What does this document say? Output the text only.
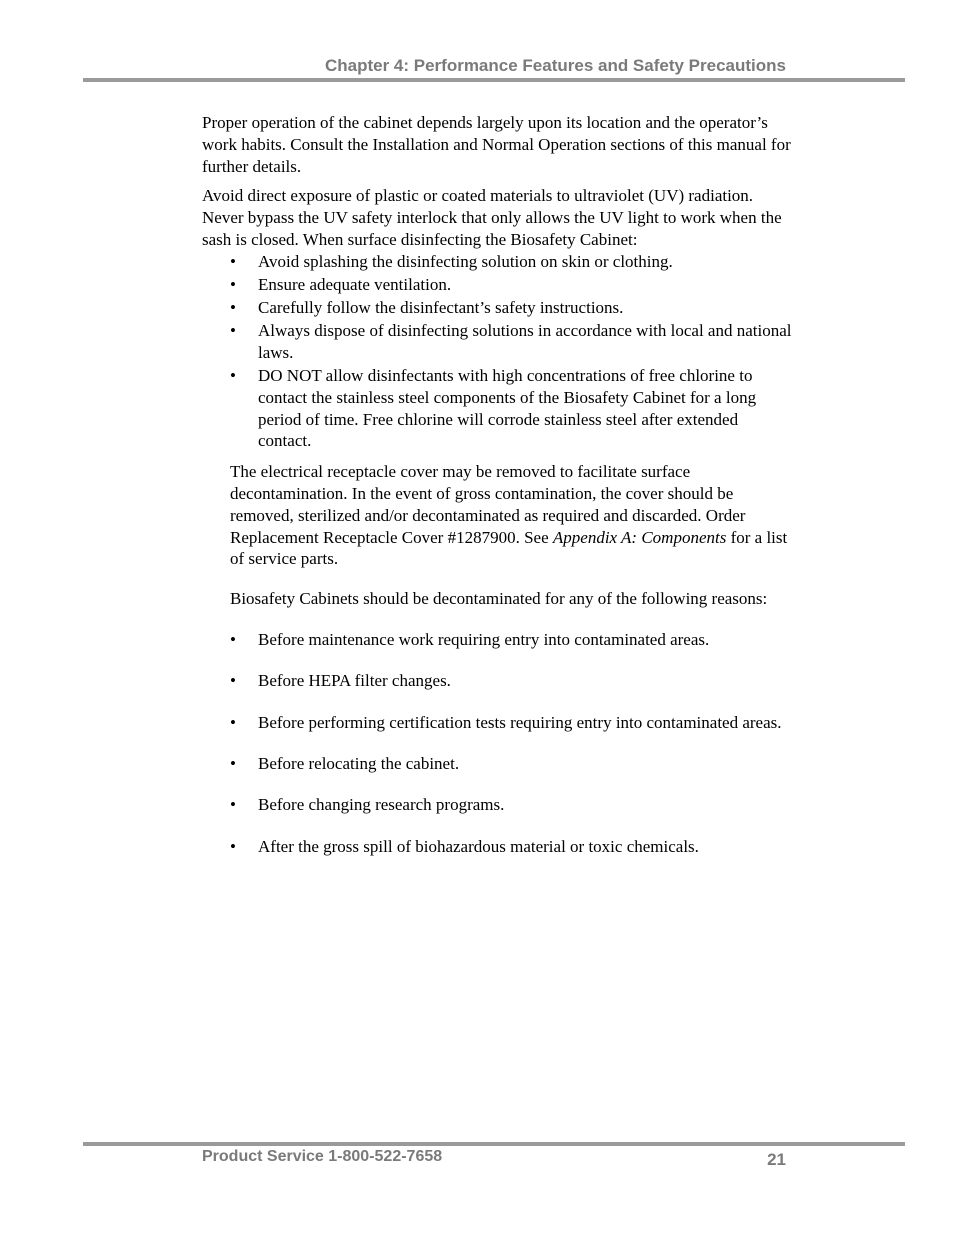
Chapter 4: Performance Features and Safety Precautions

Proper operation of the cabinet depends largely upon its location and the operator’s work habits. Consult the Installation and Normal Operation sections of this manual for further details.

Avoid direct exposure of plastic or coated materials to ultraviolet (UV) radiation. Never bypass the UV safety interlock that only allows the UV light to work when the sash is closed. When surface disinfecting the Biosafety Cabinet:

• Avoid splashing the disinfecting solution on skin or clothing.
• Ensure adequate ventilation.
• Carefully follow the disinfectant’s safety instructions.
• Always dispose of disinfecting solutions in accordance with local and national laws.
• DO NOT allow disinfectants with high concentrations of free chlorine to contact the stainless steel components of the Biosafety Cabinet for a long period of time. Free chlorine will corrode stainless steel after extended contact.

The electrical receptacle cover may be removed to facilitate surface decontamination. In the event of gross contamination, the cover should be removed, sterilized and/or decontaminated as required and discarded. Order Replacement Receptacle Cover #1287900. See Appendix A: Components for a list of service parts.

Biosafety Cabinets should be decontaminated for any of the following reasons:

• Before maintenance work requiring entry into contaminated areas.
• Before HEPA filter changes.
• Before performing certification tests requiring entry into contaminated areas.
• Before relocating the cabinet.
• Before changing research programs.
• After the gross spill of biohazardous material or toxic chemicals.
Product Service 1-800-522-7658	21
